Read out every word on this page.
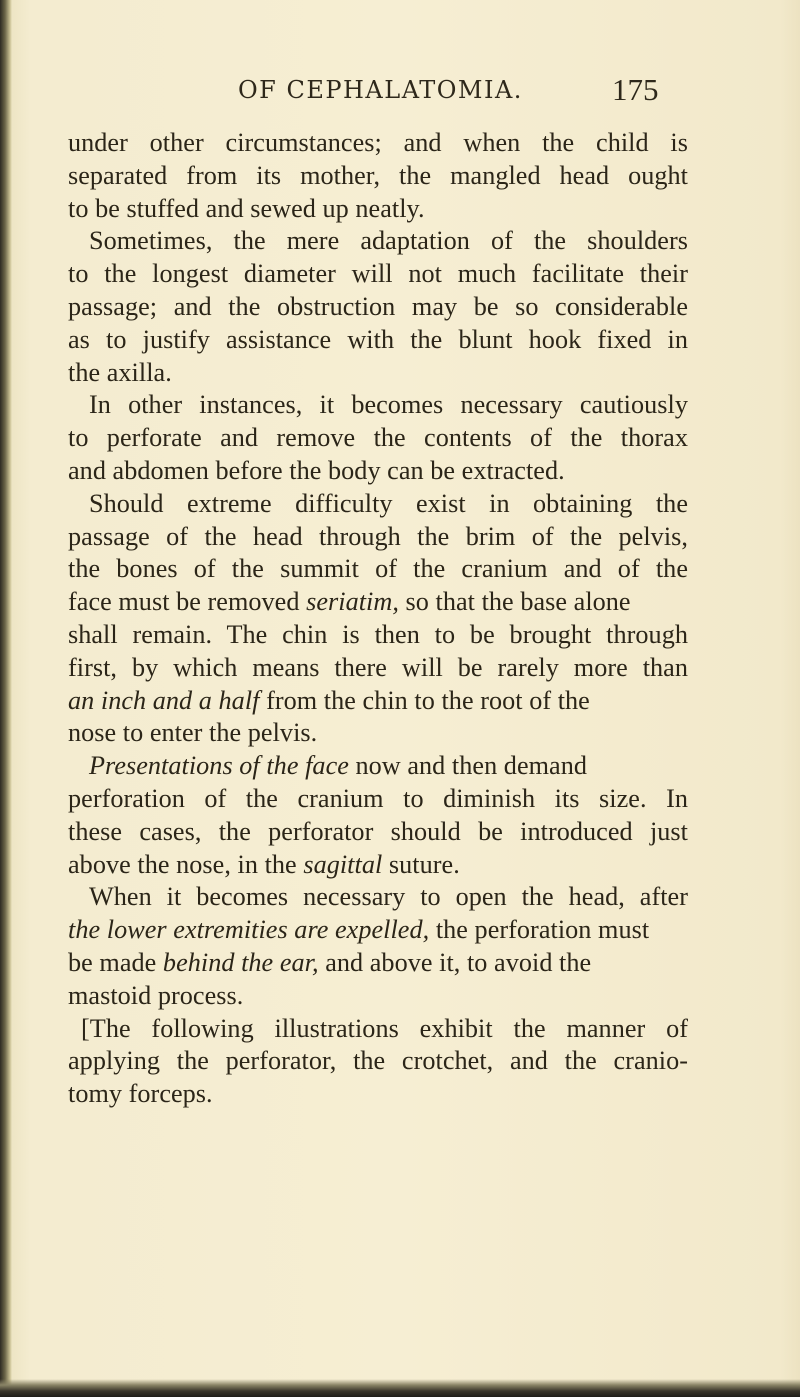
OF CEPHALATOMIA.	175
under other circumstances; and when the child is
separated from its mother, the mangled head ought
to be stuffed and sewed up neatly.
Sometimes, the mere adaptation of the shoulders
to the longest diameter will not much facilitate their
passage; and the obstruction may be so considerable
as to justify assistance with the blunt hook fixed in
the axilla.
In other instances, it becomes necessary cautiously
to perforate and remove the contents of the thorax
and abdomen before the body can be extracted.
Should extreme difficulty exist in obtaining the
passage of the head through the brim of the pelvis,
the bones of the summit of the cranium and of the
face must be removed seriatim, so that the base alone
shall remain. The chin is then to be brought through
first, by which means there will be rarely more than
an inch and a half from the chin to the root of the
nose to enter the pelvis.
Presentations of the face now and then demand
perforation of the cranium to diminish its size. In
these cases, the perforator should be introduced just
above the nose, in the sagittal suture.
When it becomes necessary to open the head, after
the lower extremities are expelled, the perforation must
be made behind the ear, and above it, to avoid the
mastoid process.
[The following illustrations exhibit the manner of
applying the perforator, the crotchet, and the cranio-
tomy forceps.
